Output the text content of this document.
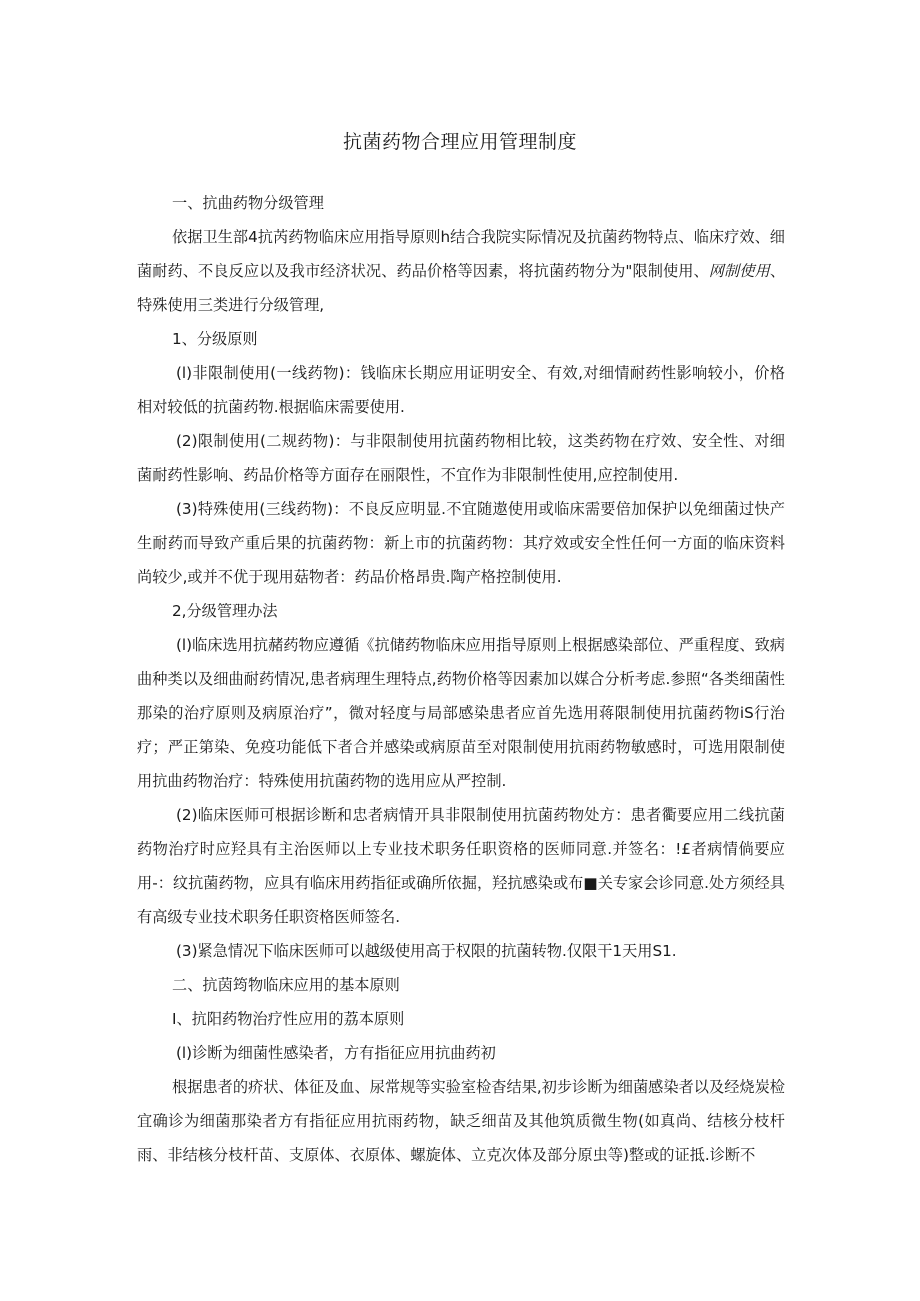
抗菌药物合理应用管理制度

一、抗曲药物分级管理

依据卫生部4抗芮药物临床应用指导原则h结合我院实际情况及抗菌药物特点、临床疗效、细菌耐药、不良反应以及我市经济状况、药品价格等因素，将抗菌药物分为"限制使用、网制使用、特殊使用三类进行分级管理,

1、分级原则

(l)非限制使用(一线药物)：钱临床长期应用证明安全、有效,对细情耐药性影响较小，价格相对较低的抗菌药物.根据临床需要使用.

(2)限制使用(二规药物)：与非限制使用抗菌药物相比较，这类药物在疗效、安全性、对细菌耐药性影响、药品价格等方面存在丽限性，不宜作为非限制性使用,应控制使用.

(3)特殊使用(三线药物)：不良反应明显.不宜随遨使用或临床需要倍加保护以免细菌过快产生耐药而导致产重后果的抗菌药物：新上市的抗菌药物：其疗效或安全性任何一方面的临床资料尚较少,或并不优于现用菇物者：药品价格昂贵.陶产格控制使用.

2,分级管理办法

(l)临床选用抗赭药物应遵循《抗储药物临床应用指导原则上根据感染部位、严重程度、致病曲种类以及细曲耐药情况,患者病理生理特点,药物价格等因素加以媒合分析考虑.参照“各类细菌性那染的治疗原则及病原治疗”，微对轻度与局部感染患者应首先选用蒋限制使用抗菌药物iS行治疗；严正第染、免疫功能低下者合并感染或病原苗至对限制使用抗雨药物敏感时，可选用限制使用抗曲药物治疗：特殊使用抗菌药物的选用应从严控制.

(2)临床医师可根据诊断和忠者病情开具非限制使用抗菌药物处方：患者衢要应用二线抗菌药物治疗时应羟具有主治医师以上专业技术职务任职资格的医师同意.并签名：!£者病情倘要应用-：纹抗菌药物，应具有临床用药指征或确所依掘，羟抗感染或布■关专家会诊同意.处方须经具有高级专业技术职务任职资格医师签名.

(3)紧急情况下临床医师可以越级使用高于权限的抗菌转物.仅限干1天用S1.

二、抗茵筠物临床应用的基本原则

I、抗阳药物治疗性应用的荔本原则

(l)诊断为细菌性感染者，方有指征应用抗曲药初

根据患者的疥状、体征及血、尿常规等实验室检杳结果,初步诊断为细菌感染者以及经烧炭检宜确诊为细菌那染者方有指征应用抗雨药物，缺乏细苗及其他筑质微生物(如真尚、结核分枝杆雨、非结核分枝杆苗、支原体、衣原体、螺旋体、立克次体及部分原虫等)整或的证抵.诊断不
